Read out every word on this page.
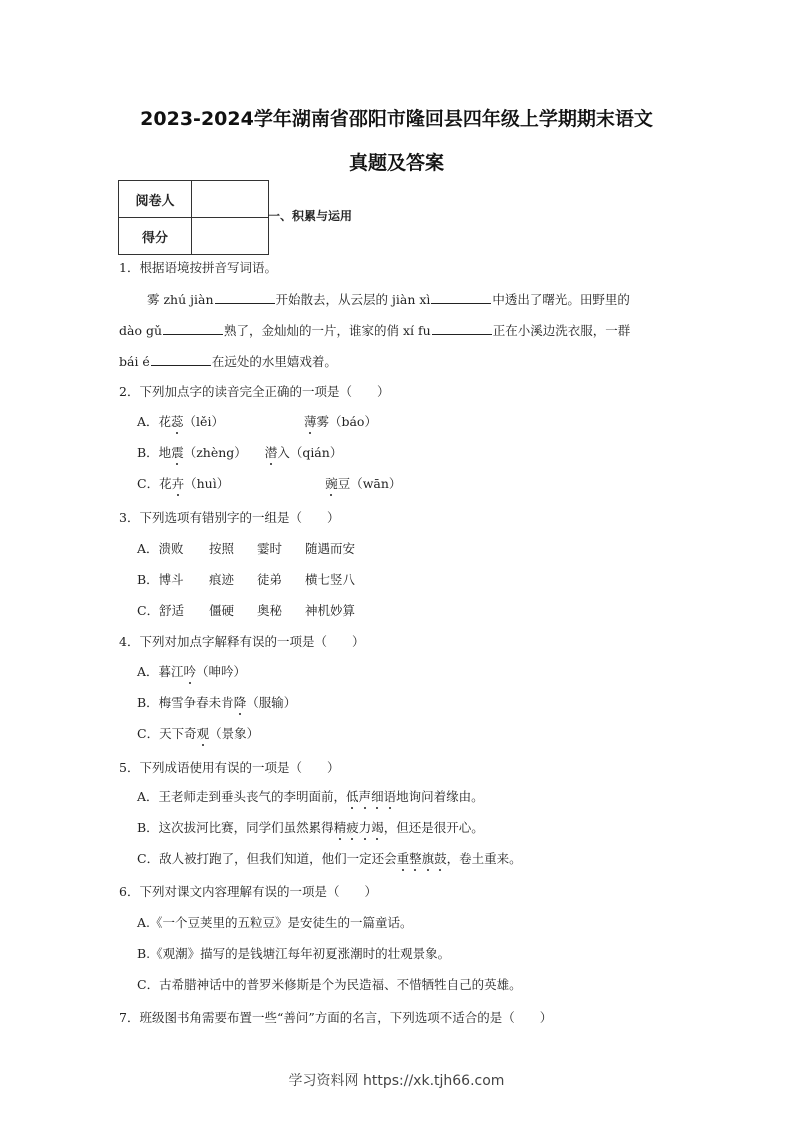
2023-2024学年湖南省邵阳市隆回县四年级上学期期末语文
真题及答案
阅卷人	
得分	
一、积累与运用
1．根据语境按拼音写词语。
雾 zhú jiàn	开始散去，从云层的 jiàn xì	中透出了曙光。田野里的
dào gǔ	熟了，金灿灿的一片，谁家的俏 xí fu	正在小溪边洗衣服，一群
bái é	在远处的水里嬉戏着。
2．下列加点字的读音完全正确的一项是（　　）
A．花蕊（lěi）	薄雾（báo）
B．地震（zhèng） 潜入（qián）
C．花卉（huì）	豌豆（wān）
3．下列选项有错别字的一组是（　　）
A．溃败 按照 霎时 随遇而安
B．博斗 痕迹 徒弟 横七竖八
C．舒适 僵硬 奥秘 神机妙算
4．下列对加点字解释有误的一项是（　　）
A．暮江吟（呻吟）
B．梅雪争春未肯降（服输）
C．天下奇观（景象）
5．下列成语使用有误的一项是（　　）
A．王老师走到垂头丧气的李明面前，低声细语地询问着缘由。
B．这次拔河比赛，同学们虽然累得精疲力竭，但还是很开心。
C．敌人被打跑了，但我们知道，他们一定还会重整旗鼓，卷土重来。
6．下列对课文内容理解有误的一项是（　　）
A.《一个豆荚里的五粒豆》是安徒生的一篇童话。
B.《观潮》描写的是钱塘江每年初夏涨潮时的壮观景象。
C．古希腊神话中的普罗米修斯是个为民造福、不惜牺牲自己的英雄。
7．班级图书角需要布置一些“善问”方面的名言，下列选项不适合的是（　　）
学习资料网 https://xk.tjh66.com
